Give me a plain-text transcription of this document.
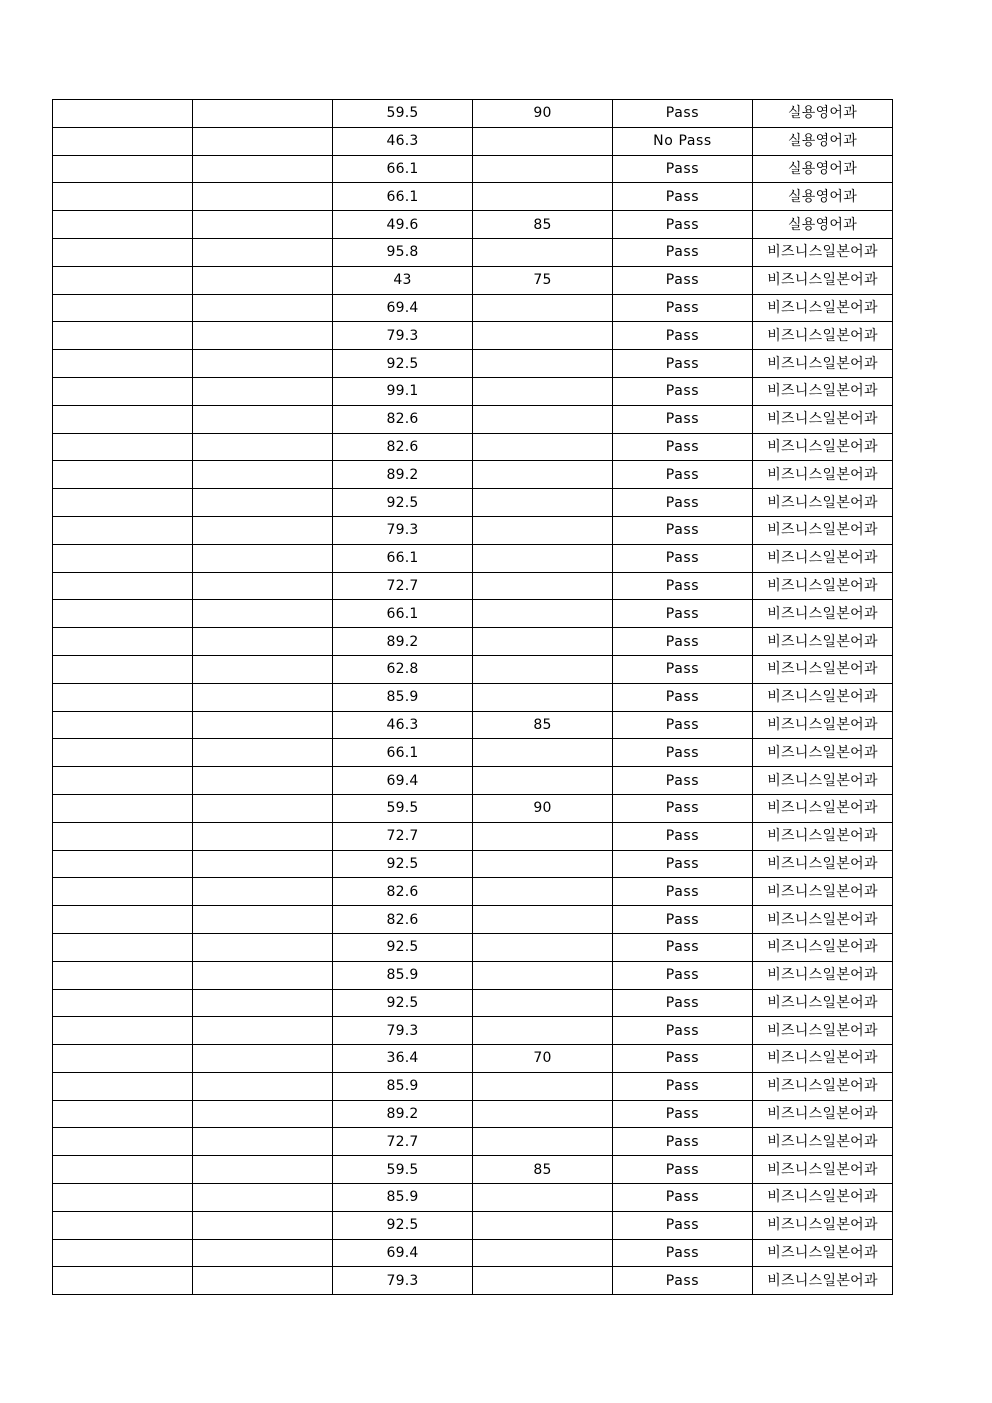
		59.5	90	Pass	실용영어과
		46.3		No Pass	실용영어과
		66.1		Pass	실용영어과
		66.1		Pass	실용영어과
		49.6	85	Pass	실용영어과
		95.8		Pass	비즈니스일본어과
		43	75	Pass	비즈니스일본어과
		69.4		Pass	비즈니스일본어과
		79.3		Pass	비즈니스일본어과
		92.5		Pass	비즈니스일본어과
		99.1		Pass	비즈니스일본어과
		82.6		Pass	비즈니스일본어과
		82.6		Pass	비즈니스일본어과
		89.2		Pass	비즈니스일본어과
		92.5		Pass	비즈니스일본어과
		79.3		Pass	비즈니스일본어과
		66.1		Pass	비즈니스일본어과
		72.7		Pass	비즈니스일본어과
		66.1		Pass	비즈니스일본어과
		89.2		Pass	비즈니스일본어과
		62.8		Pass	비즈니스일본어과
		85.9		Pass	비즈니스일본어과
		46.3	85	Pass	비즈니스일본어과
		66.1		Pass	비즈니스일본어과
		69.4		Pass	비즈니스일본어과
		59.5	90	Pass	비즈니스일본어과
		72.7		Pass	비즈니스일본어과
		92.5		Pass	비즈니스일본어과
		82.6		Pass	비즈니스일본어과
		82.6		Pass	비즈니스일본어과
		92.5		Pass	비즈니스일본어과
		85.9		Pass	비즈니스일본어과
		92.5		Pass	비즈니스일본어과
		79.3		Pass	비즈니스일본어과
		36.4	70	Pass	비즈니스일본어과
		85.9		Pass	비즈니스일본어과
		89.2		Pass	비즈니스일본어과
		72.7		Pass	비즈니스일본어과
		59.5	85	Pass	비즈니스일본어과
		85.9		Pass	비즈니스일본어과
		92.5		Pass	비즈니스일본어과
		69.4		Pass	비즈니스일본어과
		79.3		Pass	비즈니스일본어과
